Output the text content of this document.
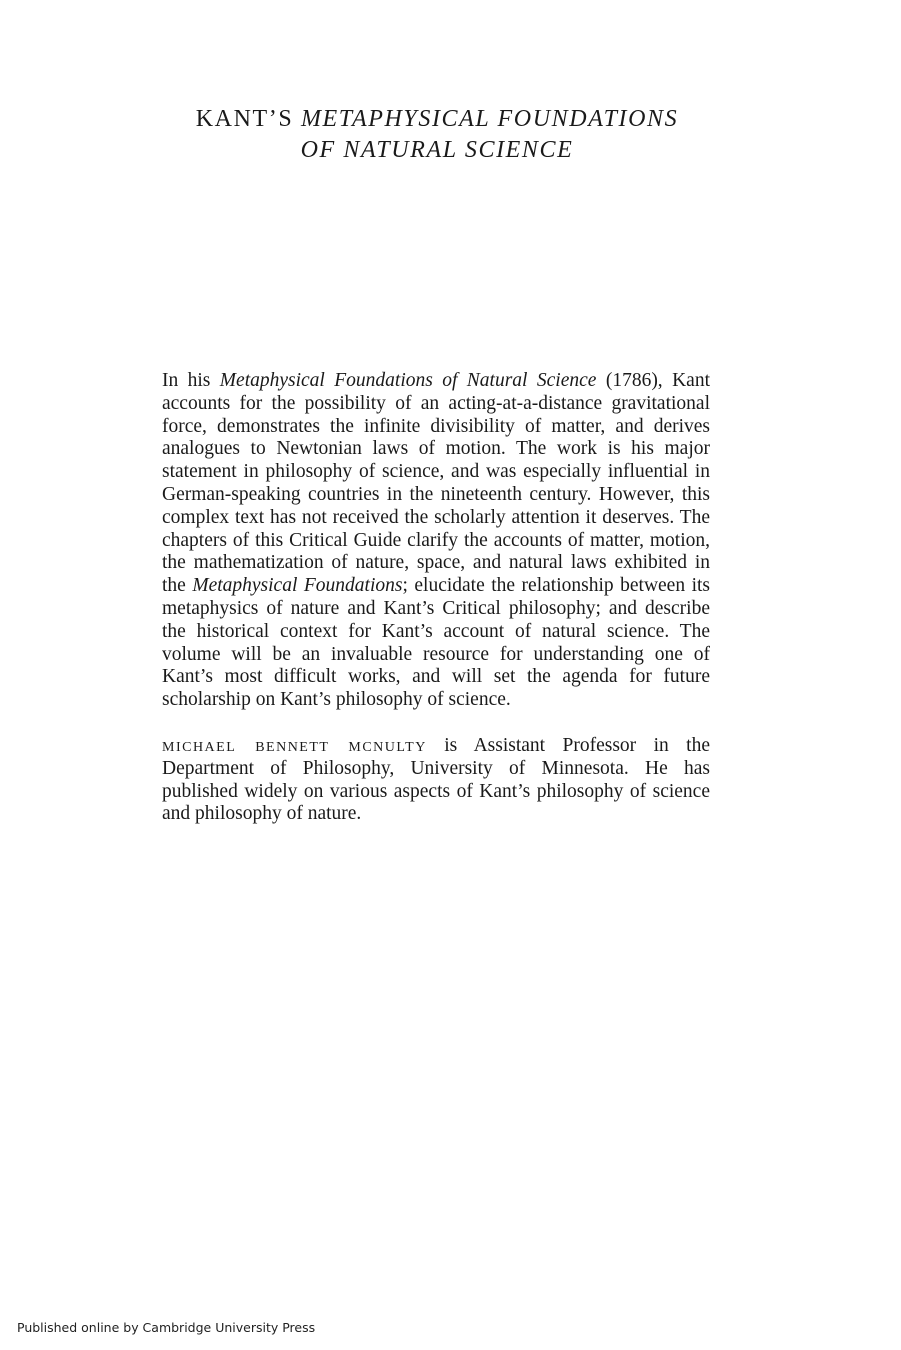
KANT’S METAPHYSICAL FOUNDATIONS
OF NATURAL SCIENCE

In his Metaphysical Foundations of Natural Science (1786), Kant accounts for the possibility of an acting-at-a-distance gravitational force, demonstrates the infinite divisibility of matter, and derives analogues to Newtonian laws of motion. The work is his major statement in philosophy of science, and was especially influential in German-speaking countries in the nineteenth century. However, this complex text has not received the scholarly attention it deserves. The chapters of this Critical Guide clarify the accounts of matter, motion, the mathematization of nature, space, and natural laws exhibited in the Metaphysical Foundations; elucidate the relationship between its metaphysics of nature and Kant’s Critical philosophy; and describe the historical context for Kant’s account of natural science. The volume will be an invaluable resource for understanding one of Kant’s most difficult works, and will set the agenda for future scholarship on Kant’s philosophy of science.

michael bennett mcnulty is Assistant Professor in the Department of Philosophy, University of Minnesota. He has published widely on various aspects of Kant’s philosophy of science and philosophy of nature.

Published online by Cambridge University Press
